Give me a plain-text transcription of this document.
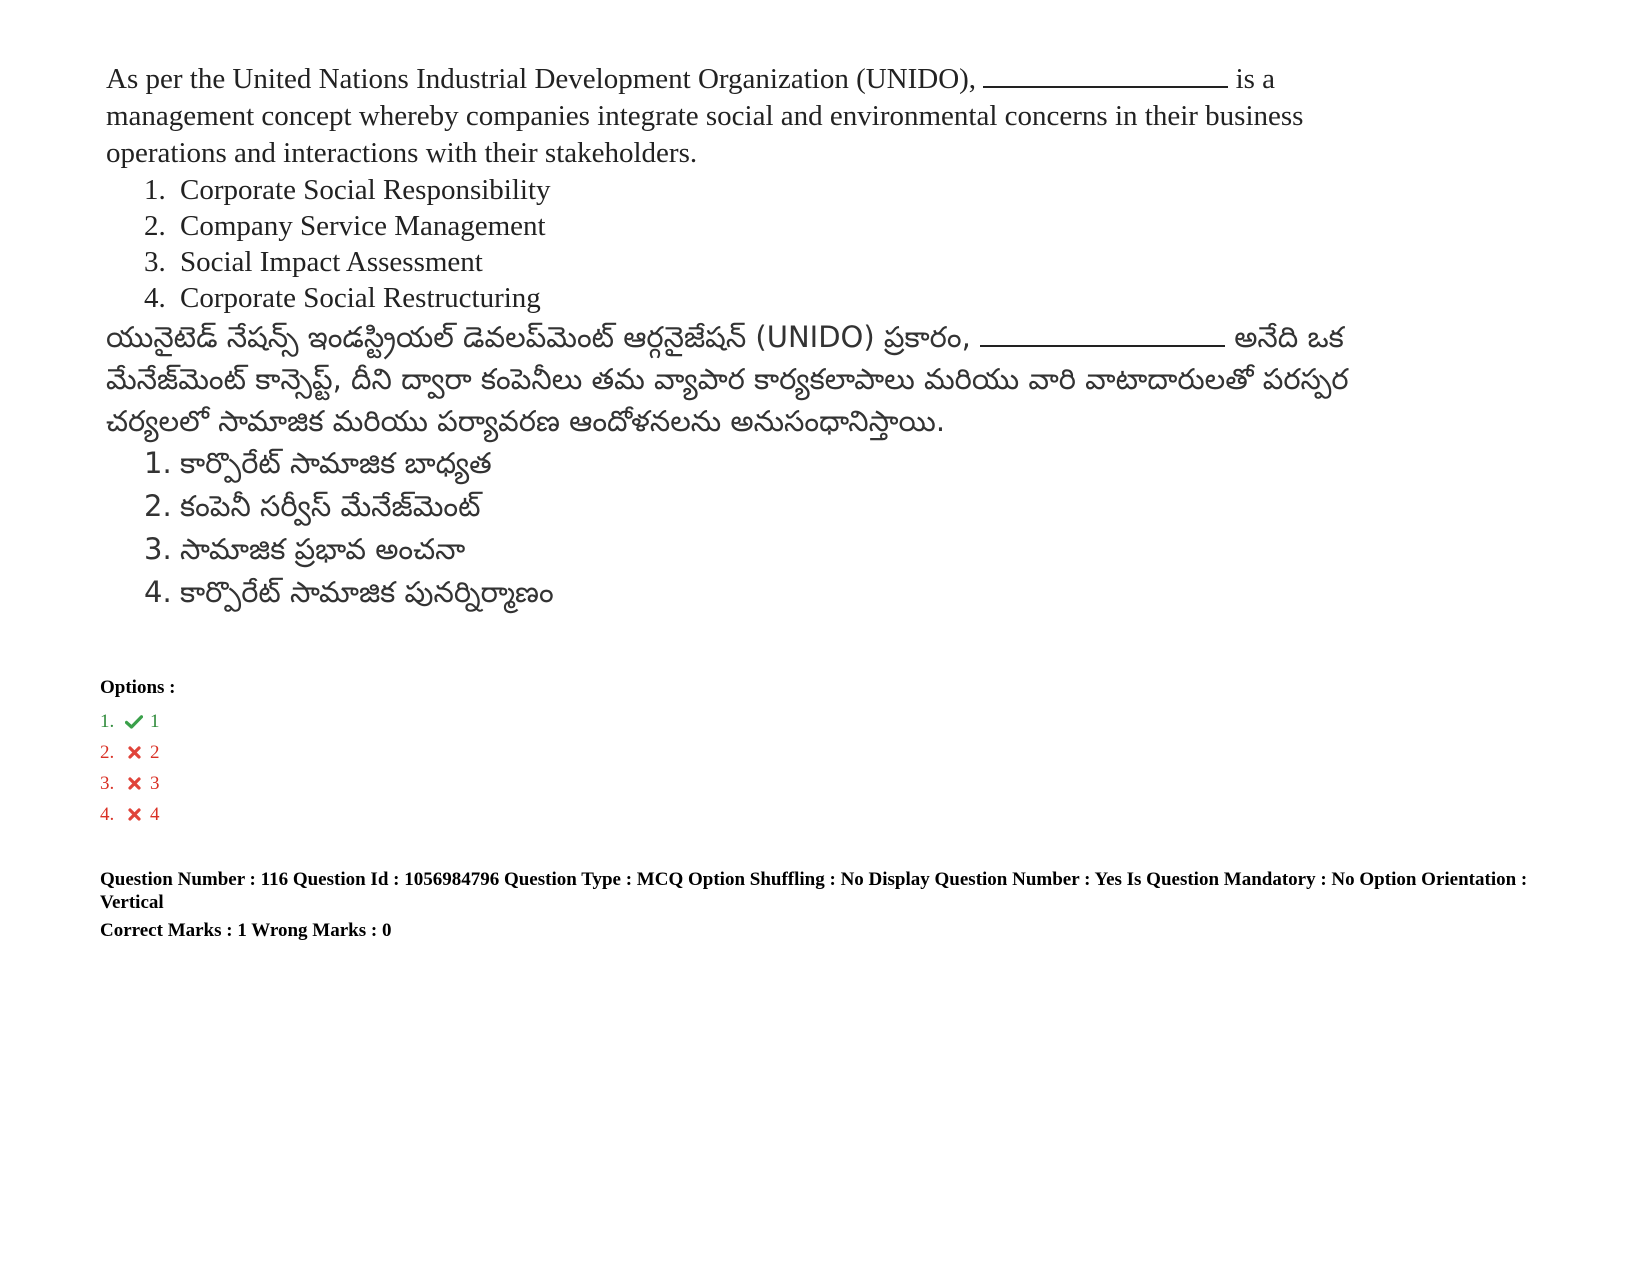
As per the United Nations Industrial Development Organization (UNIDO),	is a management concept whereby companies integrate social and environmental concerns in their business operations and interactions with their stakeholders.

1. Corporate Social Responsibility
2. Company Service Management
3. Social Impact Assessment
4. Corporate Social Restructuring

యునైటెడ్ నేషన్స్ ఇండస్ట్రియల్ డెవలప్‌మెంట్ ఆర్గనైజేషన్ (UNIDO) ప్రకారం,	అనేది ఒక మేనేజ్‌మెంట్ కాన్సెప్ట్, దీని ద్వారా కంపెనీలు తమ వ్యాపార కార్యకలాపాలు మరియు వారి వాటాదారులతో పరస్పర చర్యలలో సామాజిక మరియు పర్యావరణ ఆందోళనలను అనుసంధానిస్తాయి.

1. కార్పొరేట్ సామాజిక బాధ్యత
2. కంపెనీ సర్వీస్ మేనేజ్‌మెంట్
3. సామాజిక ప్రభావ అంచనా
4. కార్పొరేట్ సామాజిక పునర్నిర్మాణం
Options :
1.	1
2.	2
3.	3
4.	4

Question Number : 116 Question Id : 1056984796 Question Type : MCQ Option Shuffling : No Display Question Number : Yes Is Question Mandatory : No Option Orientation : Vertical

Correct Marks : 1 Wrong Marks : 0
